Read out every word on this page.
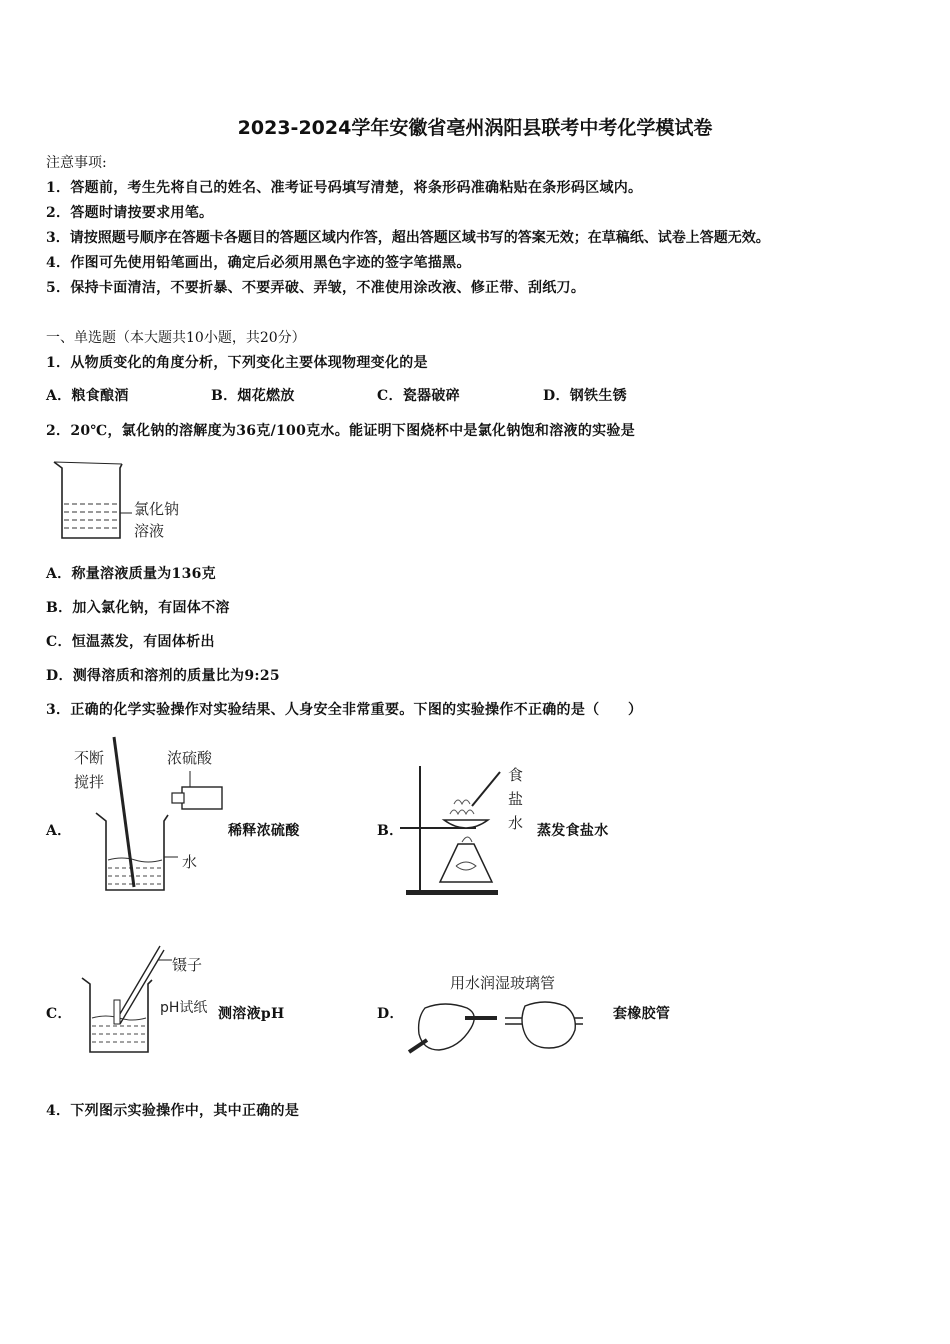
2023-2024学年安徽省亳州涡阳县联考中考化学模试卷
注意事项:
1．答题前，考生先将自己的姓名、准考证号码填写清楚，将条形码准确粘贴在条形码区域内。
2．答题时请按要求用笔。
3．请按照题号顺序在答题卡各题目的答题区域内作答，超出答题区域书写的答案无效；在草稿纸、试卷上答题无效。
4．作图可先使用铅笔画出，确定后必须用黑色字迹的签字笔描黑。
5．保持卡面清洁，不要折暴、不要弄破、弄皱，不准使用涂改液、修正带、刮纸刀。
一、单选题（本大题共10小题，共20分）
1．从物质变化的角度分析，下列变化主要体现物理变化的是
A．粮食酿酒	B．烟花燃放	C．瓷器破碎	D．钢铁生锈
2．20℃，氯化钠的溶解度为36克/100克水。能证明下图烧杯中是氯化钠饱和溶液的实验是
氯化钠
溶液
A．称量溶液质量为136克
B．加入氯化钠，有固体不溶
C．恒温蒸发，有固体析出
D．测得溶质和溶剂的质量比为9:25
3．正确的化学实验操作对实验结果、人身安全非常重要。下图的实验操作不正确的是（　　）
A．
不断
搅拌
浓硫酸
水
稀释浓硫酸	B．
食
盐
水 蒸发食盐水
C．
镊子
pH试纸 测溶液pH	D．
用水润湿玻璃管
套橡胶管
4．下列图示实验操作中，其中正确的是
